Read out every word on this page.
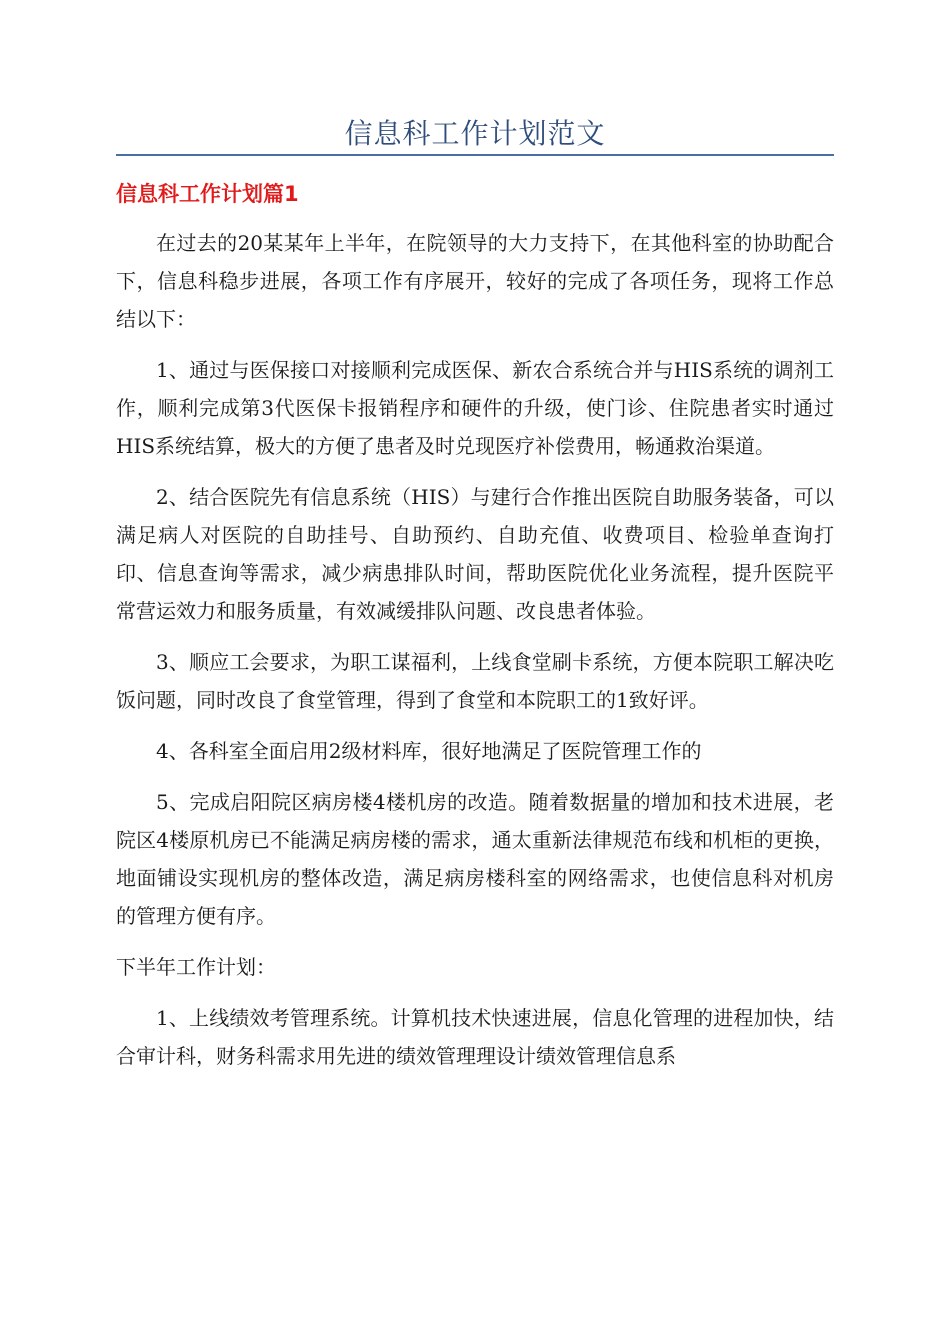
信息科工作计划范文
信息科工作计划篇1

在过去的20某某年上半年，在院领导的大力支持下，在其他科室的协助配合下，信息科稳步进展，各项工作有序展开，较好的完成了各项任务，现将工作总结以下：

1、通过与医保接口对接顺利完成医保、新农合系统合并与HIS系统的调剂工作，顺利完成第3代医保卡报销程序和硬件的升级，使门诊、住院患者实时通过HIS系统结算，极大的方便了患者及时兑现医疗补偿费用，畅通救治渠道。

2、结合医院先有信息系统（HIS）与建行合作推出医院自助服务装备，可以满足病人对医院的自助挂号、自助预约、自助充值、收费项目、检验单查询打印、信息查询等需求，减少病患排队时间，帮助医院优化业务流程，提升医院平常营运效力和服务质量，有效减缓排队问题、改良患者体验。

3、顺应工会要求，为职工谋福利，上线食堂刷卡系统，方便本院职工解决吃饭问题，同时改良了食堂管理，得到了食堂和本院职工的1致好评。

4、各科室全面启用2级材料库，很好地满足了医院管理工作的

5、完成启阳院区病房楼4楼机房的改造。随着数据量的增加和技术进展，老院区4楼原机房已不能满足病房楼的需求，通太重新法律规范布线和机柜的更换，地面铺设实现机房的整体改造，满足病房楼科室的网络需求，也使信息科对机房的管理方便有序。

下半年工作计划：

1、上线绩效考管理系统。计算机技术快速进展，信息化管理的进程加快，结合审计科，财务科需求用先进的绩效管理理设计绩效管理信息系
